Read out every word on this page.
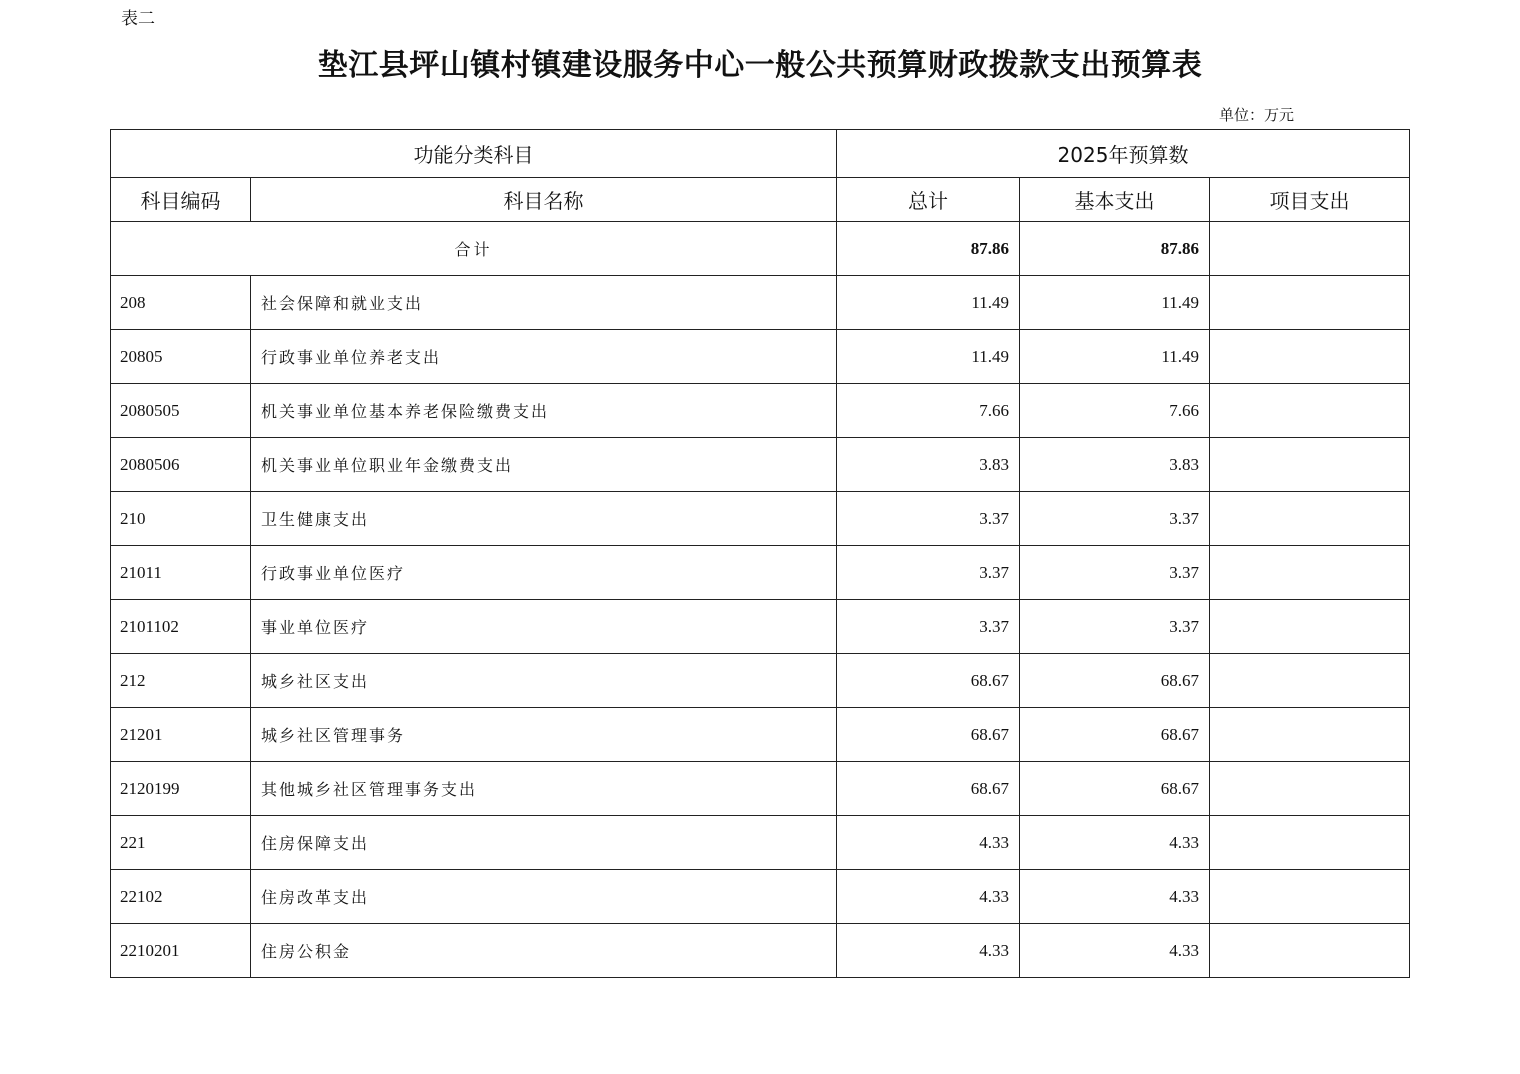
表二
垫江县坪山镇村镇建设服务中心一般公共预算财政拨款支出预算表
单位：万元
功能分类科目		2025年预算数		
科目编码	科目名称	总计	基本支出	项目支出
合计		87.86	87.86	
208	社会保障和就业支出	11.49	11.49	
20805	行政事业单位养老支出	11.49	11.49	
2080505	机关事业单位基本养老保险缴费支出	7.66	7.66	
2080506	机关事业单位职业年金缴费支出	3.83	3.83	
210	卫生健康支出	3.37	3.37	
21011	行政事业单位医疗	3.37	3.37	
2101102	事业单位医疗	3.37	3.37	
212	城乡社区支出	68.67	68.67	
21201	城乡社区管理事务	68.67	68.67	
2120199	其他城乡社区管理事务支出	68.67	68.67	
221	住房保障支出	4.33	4.33	
22102	住房改革支出	4.33	4.33	
2210201	住房公积金	4.33	4.33	
